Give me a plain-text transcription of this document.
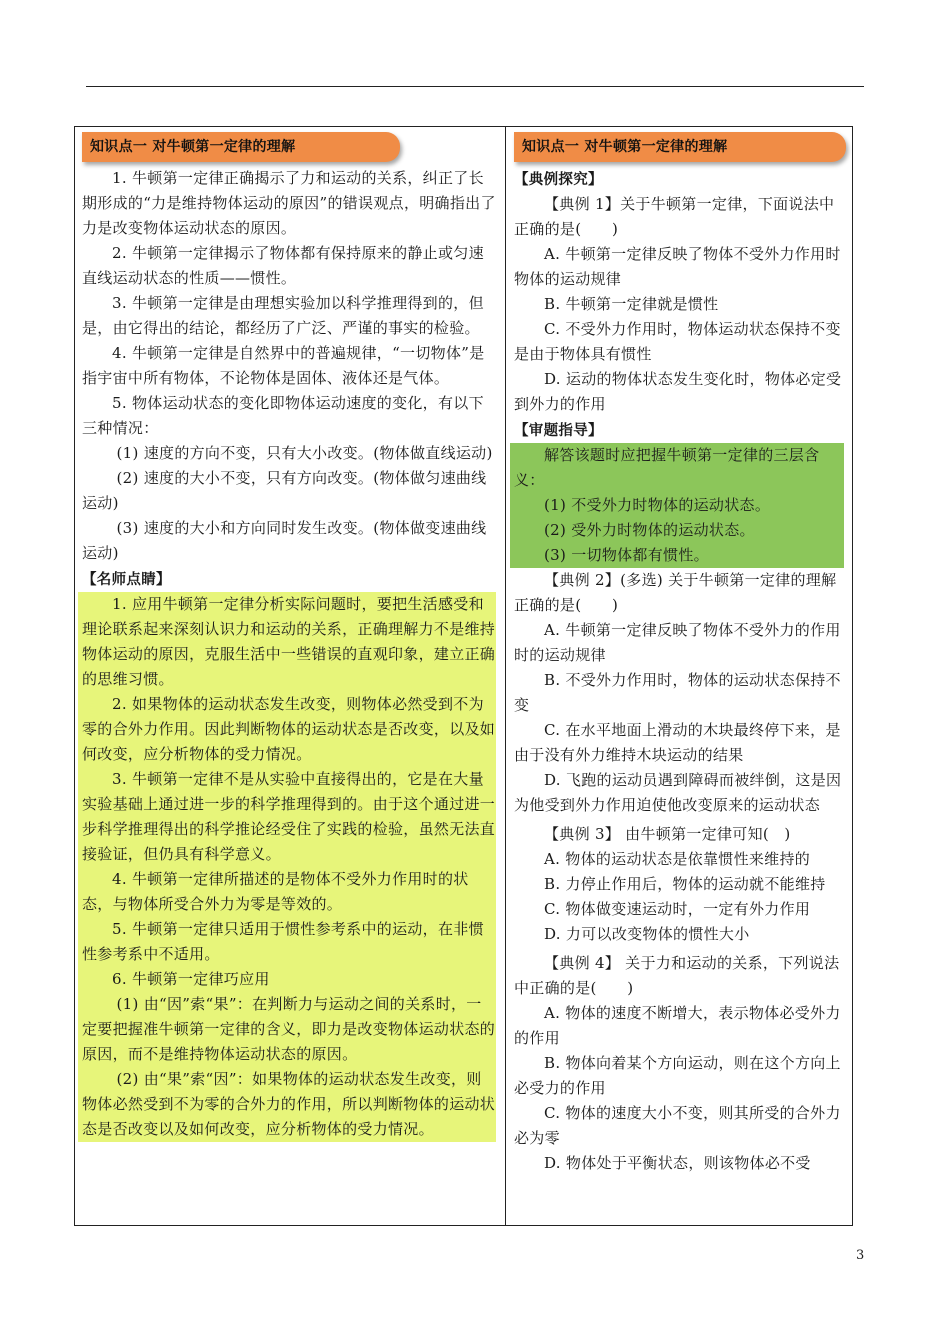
知识点一 对牛顿第一定律的理解

1. 牛顿第一定律正确揭示了力和运动的关系，纠正了长期形成的“力是维持物体运动的原因”的错误观点，明确指出了力是改变物体运动状态的原因。

2. 牛顿第一定律揭示了物体都有保持原来的静止或匀速直线运动状态的性质——惯性。

3. 牛顿第一定律是由理想实验加以科学推理得到的，但是，由它得出的结论，都经历了广泛、严谨的事实的检验。

4. 牛顿第一定律是自然界中的普遍规律，“一切物体”是指宇宙中所有物体，不论物体是固体、液体还是气体。

5. 物体运动状态的变化即物体运动速度的变化，有以下三种情况：

(1) 速度的方向不变，只有大小改变。(物体做直线运动)

(2) 速度的大小不变，只有方向改变。(物体做匀速曲线运动)

(3) 速度的大小和方向同时发生改变。(物体做变速曲线运动)

【名师点睛】

1. 应用牛顿第一定律分析实际问题时，要把生活感受和理论联系起来深刻认识力和运动的关系，正确理解力不是维持物体运动的原因，克服生活中一些错误的直观印象，建立正确的思维习惯。

2. 如果物体的运动状态发生改变，则物体必然受到不为零的合外力作用。因此判断物体的运动状态是否改变，以及如何改变，应分析物体的受力情况。

3. 牛顿第一定律不是从实验中直接得出的，它是在大量实验基础上通过进一步的科学推理得到的。由于这个通过进一步科学推理得出的科学推论经受住了实践的检验，虽然无法直接验证，但仍具有科学意义。

4. 牛顿第一定律所描述的是物体不受外力作用时的状态，与物体所受合外力为零是等效的。

5. 牛顿第一定律只适用于惯性参考系中的运动，在非惯性参考系中不适用。

6. 牛顿第一定律巧应用

(1) 由“因”索“果”：在判断力与运动之间的关系时，一定要把握准牛顿第一定律的含义，即力是改变物体运动状态的原因，而不是维持物体运动状态的原因。

(2) 由“果”索“因”：如果物体的运动状态发生改变，则物体必然受到不为零的合外力的作用，所以判断物体的运动状态是否改变以及如何改变，应分析物体的受力情况。

知识点一 对牛顿第一定律的理解
【典例探究】

【典例 1】关于牛顿第一定律，下面说法中正确的是(　　)

A. 牛顿第一定律反映了物体不受外力作用时物体的运动规律

B. 牛顿第一定律就是惯性

C. 不受外力作用时，物体运动状态保持不变是由于物体具有惯性

D. 运动的物体状态发生变化时，物体必定受到外力的作用

【审题指导】

解答该题时应把握牛顿第一定律的三层含义：

(1) 不受外力时物体的运动状态。

(2) 受外力时物体的运动状态。

(3) 一切物体都有惯性。

【典例 2】(多选) 关于牛顿第一定律的理解正确的是(　　)

A. 牛顿第一定律反映了物体不受外力的作用时的运动规律

B. 不受外力作用时，物体的运动状态保持不变

C. 在水平地面上滑动的木块最终停下来，是由于没有外力维持木块运动的结果

D. 飞跑的运动员遇到障碍而被绊倒，这是因为他受到外力作用迫使他改变原来的运动状态

【典例 3】 由牛顿第一定律可知(　)

A. 物体的运动状态是依靠惯性来维持的

B. 力停止作用后，物体的运动就不能维持

C. 物体做变速运动时，一定有外力作用

D. 力可以改变物体的惯性大小

【典例 4】 关于力和运动的关系，下列说法中正确的是(　　)

A. 物体的速度不断增大，表示物体必受外力的作用

B. 物体向着某个方向运动，则在这个方向上必受力的作用

C. 物体的速度大小不变，则其所受的合外力必为零

D. 物体处于平衡状态，则该物体必不受

3
